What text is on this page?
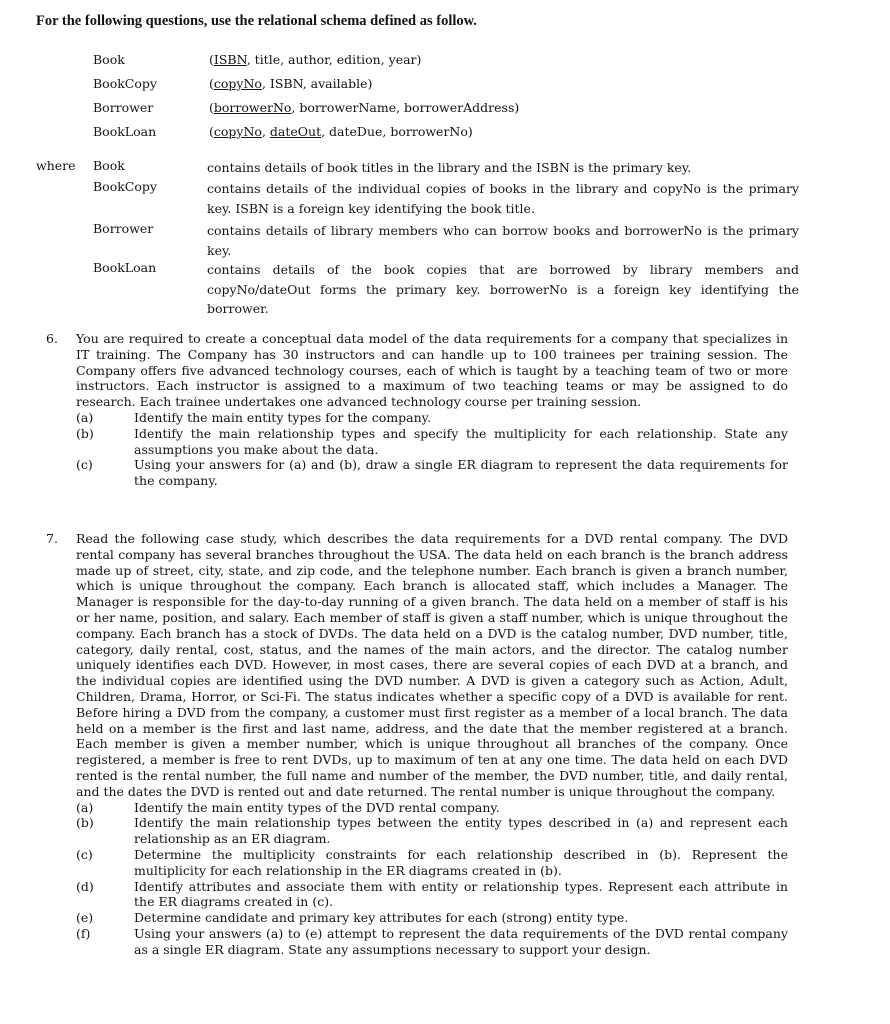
For the following questions, use the relational schema defined as follow.
Book	(ISBN, title, author, edition, year)
BookCopy	(copyNo, ISBN, available)
Borrower	(borrowerNo, borrowerName, borrowerAddress)
BookLoan	(copyNo, dateOut, dateDue, borrowerNo)
where Book	contains details of book titles in the library and the ISBN is the primary key.
BookCopy	contains details of the individual copies of books in the library and copyNo is the primary key. ISBN is a foreign key identifying the book title.
Borrower	contains details of library members who can borrow books and borrowerNo is the primary key.
BookLoan	contains details of the book copies that are borrowed by library members and copyNo/dateOut forms the primary key. borrowerNo is a foreign key identifying the borrower.
6. You are required to create a conceptual data model of the data requirements for a company that specializes in IT training. The Company has 30 instructors and can handle up to 100 trainees per training session. The Company offers five advanced technology courses, each of which is taught by a teaching team of two or more instructors. Each instructor is assigned to a maximum of two teaching teams or may be assigned to do research. Each trainee undertakes one advanced technology course per training session.
(a)	Identify the main entity types for the company.
(b)	Identify the main relationship types and specify the multiplicity for each relationship. State any assumptions you make about the data.
(c)	Using your answers for (a) and (b), draw a single ER diagram to represent the data requirements for the company.
7. Read the following case study, which describes the data requirements for a DVD rental company. The DVD rental company has several branches throughout the USA. The data held on each branch is the branch address made up of street, city, state, and zip code, and the telephone number. Each branch is given a branch number, which is unique throughout the company. Each branch is allocated staff, which includes a Manager. The Manager is responsible for the day-to-day running of a given branch. The data held on a member of staff is his or her name, position, and salary. Each member of staff is given a staff number, which is unique throughout the company. Each branch has a stock of DVDs. The data held on a DVD is the catalog number, DVD number, title, category, daily rental, cost, status, and the names of the main actors, and the director. The catalog number uniquely identifies each DVD. However, in most cases, there are several copies of each DVD at a branch, and the individual copies are identified using the DVD number. A DVD is given a category such as Action, Adult, Children, Drama, Horror, or Sci-Fi. The status indicates whether a specific copy of a DVD is available for rent. Before hiring a DVD from the company, a customer must first register as a member of a local branch. The data held on a member is the first and last name, address, and the date that the member registered at a branch. Each member is given a member number, which is unique throughout all branches of the company. Once registered, a member is free to rent DVDs, up to maximum of ten at any one time. The data held on each DVD rented is the rental number, the full name and number of the member, the DVD number, title, and daily rental, and the dates the DVD is rented out and date returned. The rental number is unique throughout the company.
(a)	Identify the main entity types of the DVD rental company.
(b)	Identify the main relationship types between the entity types described in (a) and represent each relationship as an ER diagram.
(c)	Determine the multiplicity constraints for each relationship described in (b). Represent the multiplicity for each relationship in the ER diagrams created in (b).
(d)	Identify attributes and associate them with entity or relationship types. Represent each attribute in the ER diagrams created in (c).
(e)	Determine candidate and primary key attributes for each (strong) entity type.
(f)	Using your answers (a) to (e) attempt to represent the data requirements of the DVD rental company as a single ER diagram. State any assumptions necessary to support your design.
